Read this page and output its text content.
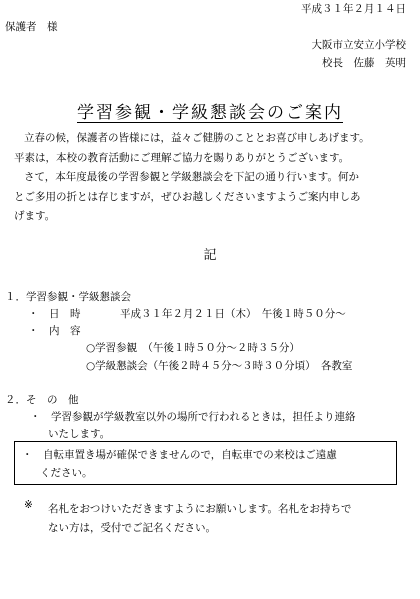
平成３１年２月１４日
保護者　様
大阪市立安立小学校
校長　佐藤　英明
学習参観・学級懇談会のご案内
立春の候，保護者の皆様には，益々ご健勝のこととお喜び申しあげます。
平素は，本校の教育活動にご理解ご協力を賜りありがとうございます。
さて，本年度最後の学習参観と学級懇談会を下記の通り行います。何か
とご多用の折とは存じますが，ぜひお越しくださいますようご案内申しあ
げます。
記
１．学習参観・学級懇談会
・　日　時	平成３１年２月２１日（木）　午後１時５０分～
・　内　容
○学習参観　（午後１時５０分～２時３５分）
○学級懇談会（午後２時４５分～３時３０分頃）　各教室
２．そ　の　他
・　学習参観が学級教室以外の場所で行われるときは，担任より連絡
いたします。
・　自転車置き場が確保できませんので，自転車での来校はご遠慮
ください。
※ 名札をおつけいただきますようにお願いします。名札をお持ちで
ない方は，受付でご記名ください。
